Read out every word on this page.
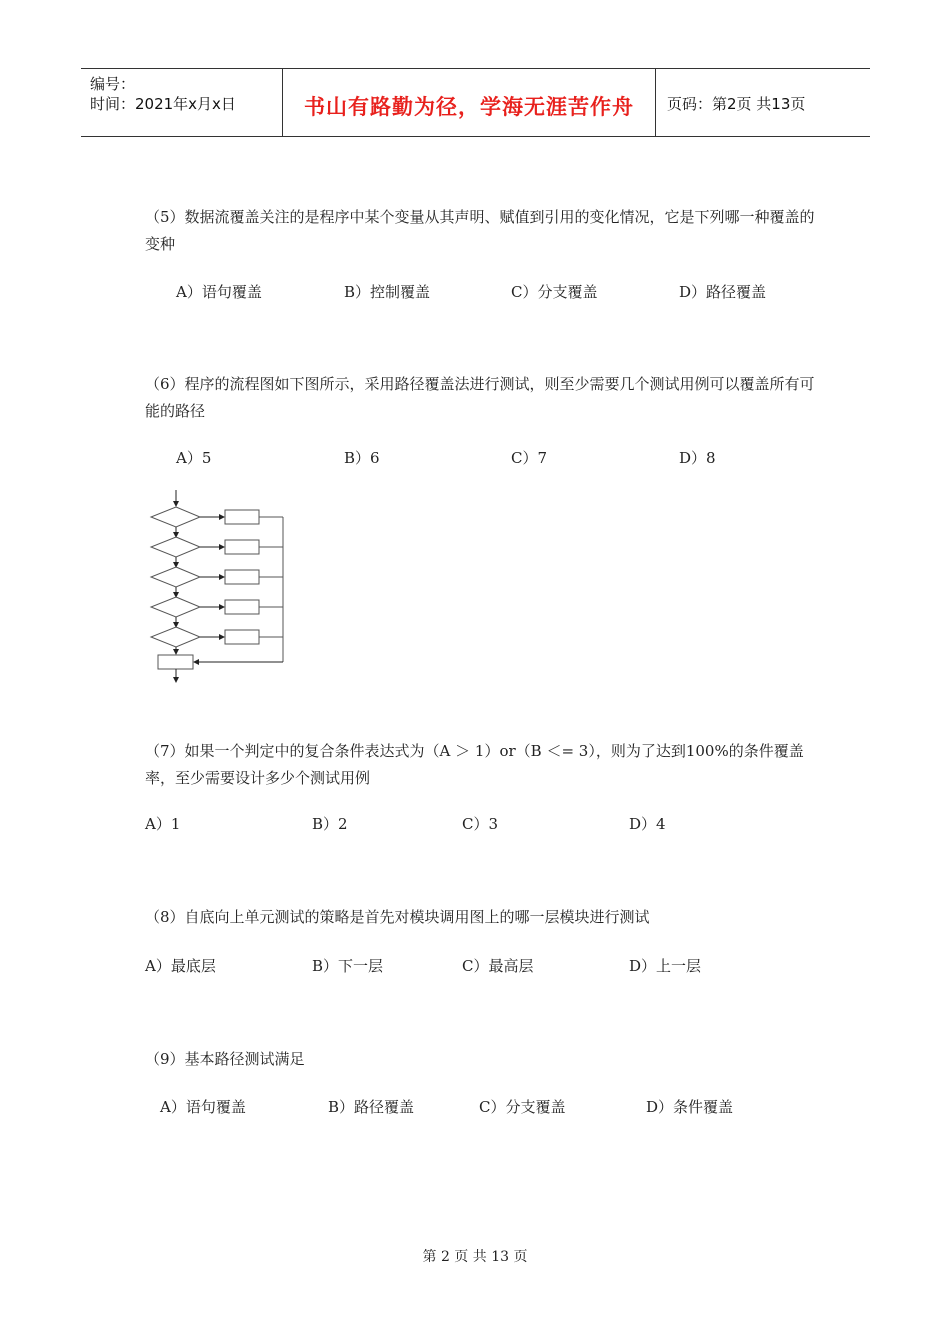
编号：
时间：2021年x月x日	书山有路勤为径，学海无涯苦作舟	页码：第2页 共13页
（5）数据流覆盖关注的是程序中某个变量从其声明、赋值到引用的变化情况，它是下列哪一种覆盖的变种
A）语句覆盖	B）控制覆盖	C）分支覆盖	D）路径覆盖
（6）程序的流程图如下图所示，采用路径覆盖法进行测试，则至少需要几个测试用例可以覆盖所有可能的路径
A）5	B）6	C）7	D）8
（7）如果一个判定中的复合条件表达式为（A ＞ 1）or（B ＜= 3），则为了达到100%的条件覆盖率，至少需要设计多少个测试用例
A）1	B）2	C）3	D）4
（8）自底向上单元测试的策略是首先对模块调用图上的哪一层模块进行测试
A）最底层	B）下一层	C）最高层	D）上一层
（9）基本路径测试满足
A）语句覆盖	B）路径覆盖	C）分支覆盖	D）条件覆盖
第 2 页 共 13 页
